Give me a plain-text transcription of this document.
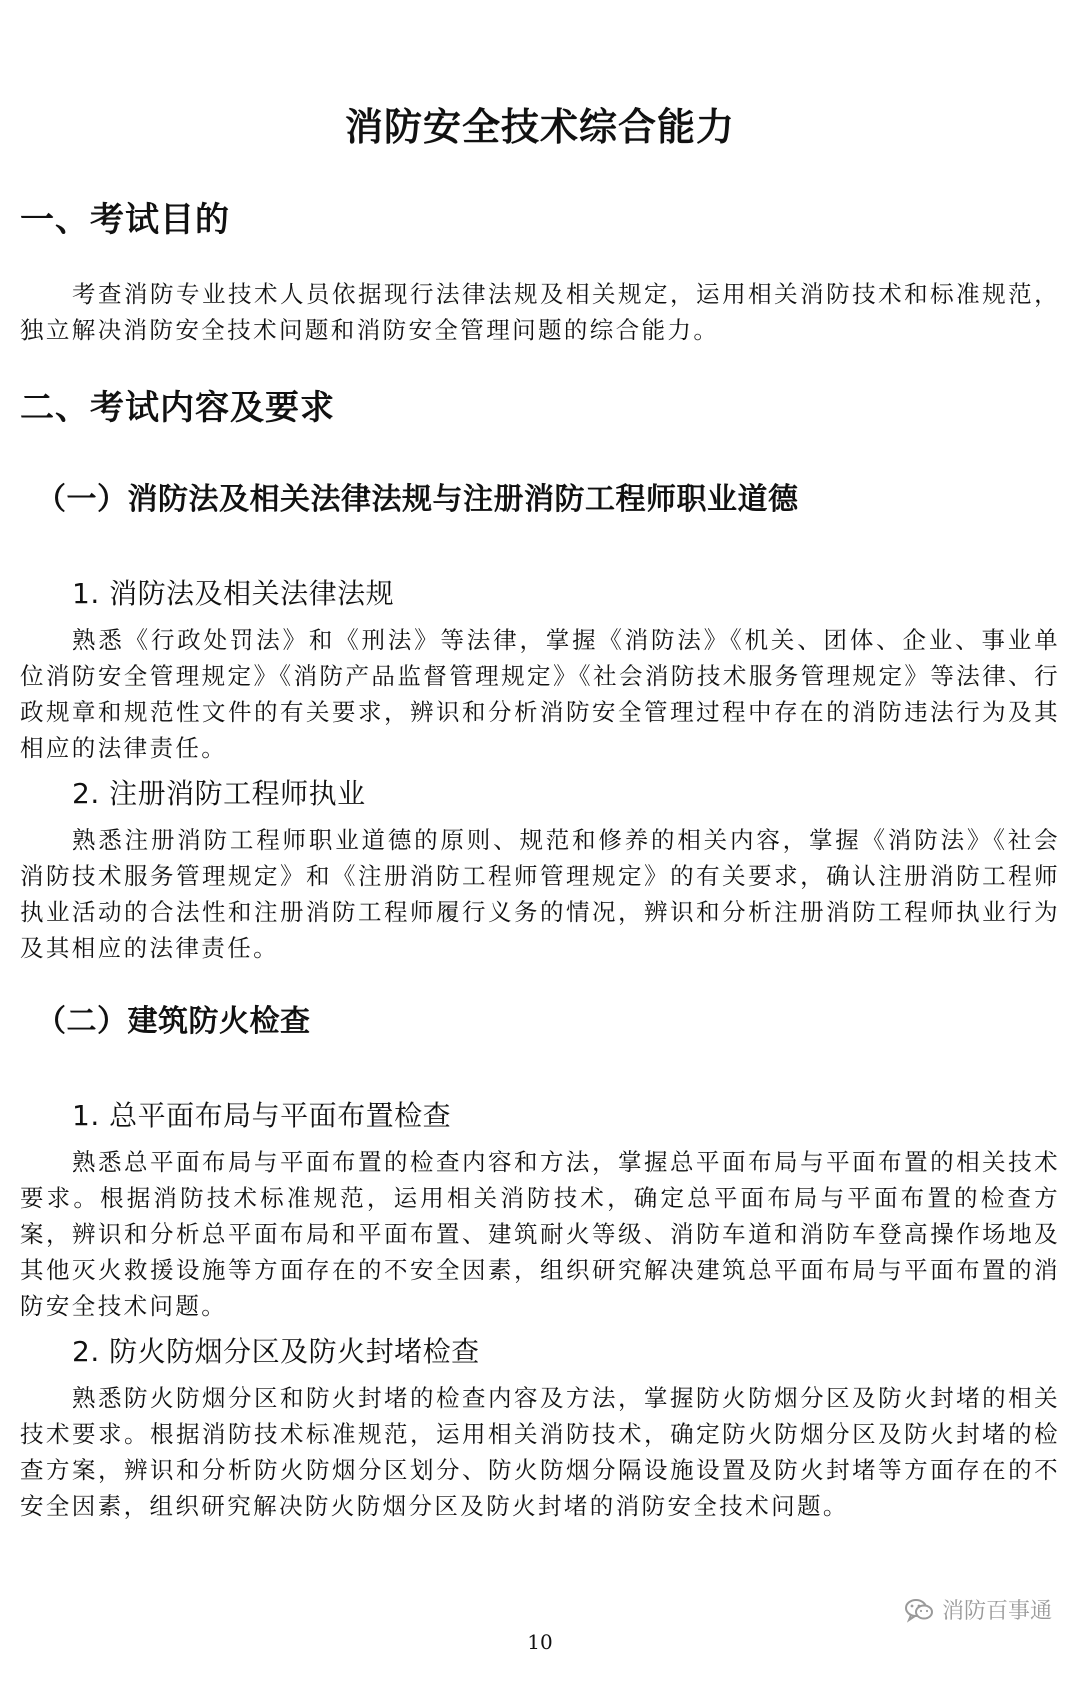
消防安全技术综合能力
一、考试目的
考查消防专业技术人员依据现行法律法规及相关规定，运用相关消防技术和标准规范，独立解决消防安全技术问题和消防安全管理问题的综合能力。
二、考试内容及要求
（一）消防法及相关法律法规与注册消防工程师职业道德
1. 消防法及相关法律法规
熟悉《行政处罚法》和《刑法》等法律，掌握《消防法》《机关、团体、企业、事业单位消防安全管理规定》《消防产品监督管理规定》《社会消防技术服务管理规定》等法律、行政规章和规范性文件的有关要求，辨识和分析消防安全管理过程中存在的消防违法行为及其相应的法律责任。
2. 注册消防工程师执业
熟悉注册消防工程师职业道德的原则、规范和修养的相关内容，掌握《消防法》《社会消防技术服务管理规定》和《注册消防工程师管理规定》的有关要求，确认注册消防工程师执业活动的合法性和注册消防工程师履行义务的情况，辨识和分析注册消防工程师执业行为及其相应的法律责任。
（二）建筑防火检查
1. 总平面布局与平面布置检查
熟悉总平面布局与平面布置的检查内容和方法，掌握总平面布局与平面布置的相关技术要求。根据消防技术标准规范，运用相关消防技术，确定总平面布局与平面布置的检查方案，辨识和分析总平面布局和平面布置、建筑耐火等级、消防车道和消防车登高操作场地及其他灭火救援设施等方面存在的不安全因素，组织研究解决建筑总平面布局与平面布置的消防安全技术问题。
2. 防火防烟分区及防火封堵检查
熟悉防火防烟分区和防火封堵的检查内容及方法，掌握防火防烟分区及防火封堵的相关技术要求。根据消防技术标准规范，运用相关消防技术，确定防火防烟分区及防火封堵的检查方案，辨识和分析防火防烟分区划分、防火防烟分隔设施设置及防火封堵等方面存在的不安全因素，组织研究解决防火防烟分区及防火封堵的消防安全技术问题。
消防百事通
10
